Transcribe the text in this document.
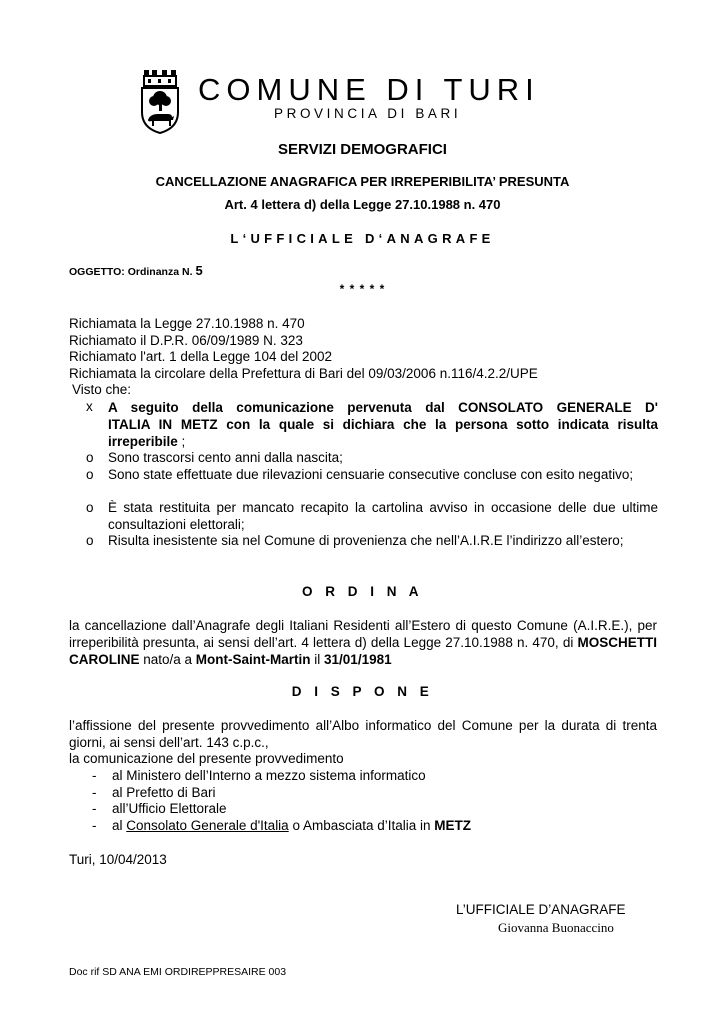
COMUNE DI TURI
PROVINCIA DI BARI
SERVIZI DEMOGRAFICI
CANCELLAZIONE ANAGRAFICA PER IRREPERIBILITA’ PRESUNTA
Art. 4 lettera d) della Legge 27.10.1988 n. 470
L‘UFFICIALE D‘ANAGRAFE
OGGETTO: Ordinanza N. 5
* * * * *
Richiamata la Legge 27.10.1988 n. 470
Richiamato il D.P.R. 06/09/1989 N. 323
Richiamato l'art. 1 della Legge 104 del 2002
Richiamata la circolare della Prefettura di Bari del 09/03/2006 n.116/4.2.2/UPE
Visto che:
x A seguito della comunicazione pervenuta dal CONSOLATO GENERALE D'
ITALIA IN METZ con la quale si dichiara che la persona sotto indicata risulta
irreperibile ;
o Sono trascorsi cento anni dalla nascita;
o Sono state effettuate due rilevazioni censuarie consecutive concluse con esito negativo;
o È stata restituita per mancato recapito la cartolina avviso in occasione delle due ultime consultazioni elettorali;
o Risulta inesistente sia nel Comune di provenienza che nell’A.I.R.E l’indirizzo all’estero;
O R D I N A
la cancellazione dall’Anagrafe degli Italiani Residenti all’Estero di questo Comune (A.I.R.E.), per irreperibilità presunta, ai sensi dell’art. 4 lettera d) della Legge 27.10.1988 n. 470, di MOSCHETTI CAROLINE nato/a a Mont-Saint-Martin il 31/01/1981
D I S P O N E
l’affissione del presente provvedimento all’Albo informatico del Comune per la durata di trenta giorni, ai sensi dell’art. 143 c.p.c.,
la comunicazione del presente provvedimento
- al Ministero dell’Interno a mezzo sistema informatico
- al Prefetto di Bari
- all’Ufficio Elettorale
- al Consolato Generale d'Italia o Ambasciata d’Italia in METZ
Turi, 10/04/2013
L’UFFICIALE D’ANAGRAFE
Giovanna Buonaccino
Doc rif SD ANA EMI ORDIREPPRESAIRE 003
